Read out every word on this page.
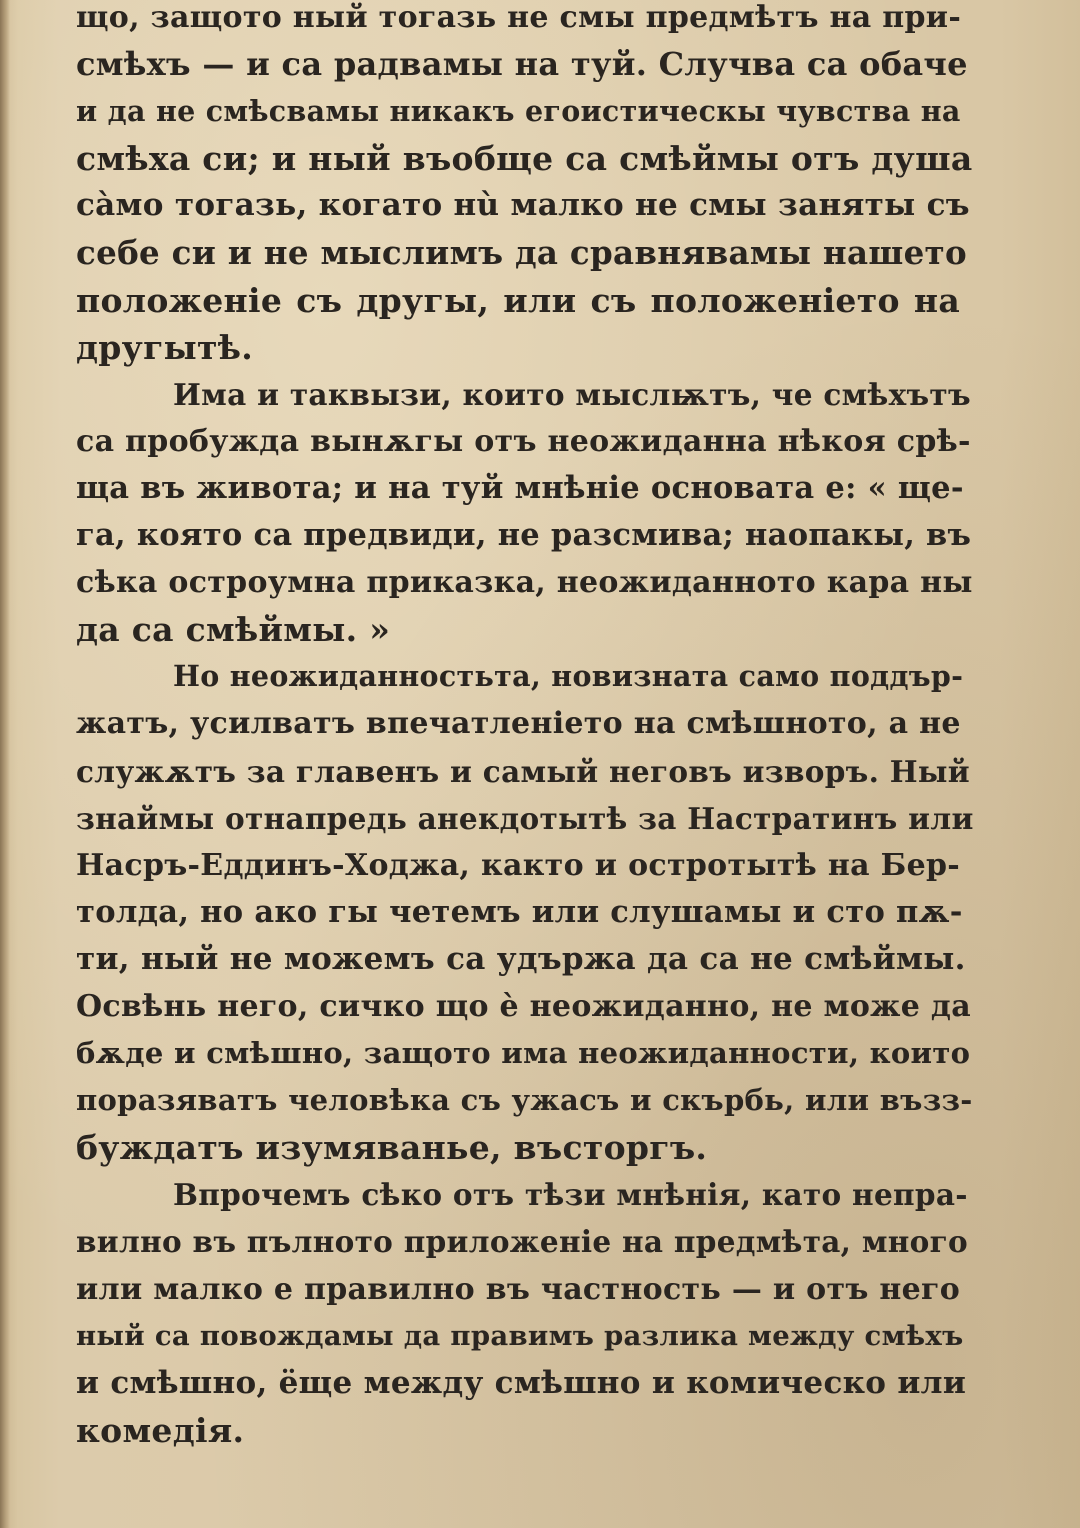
що, защото ный тогазь не смы предмѣтъ на при-
смѣхъ — и са радвамы на туй. Случва са обаче
и да не смѣсвамы никакъ егоистическы чувства на
смѣха си; и ный въобще са смѣймы отъ душа
сàмо тогазь, когато нù малко не смы заняты съ
себе си и не мыслимъ да сравнявамы нашето
положеніе съ другы, или съ положеніето на
другытѣ.
Има и таквызи, които мыслѭтъ, че смѣхътъ
са пробужда вынѫгы отъ неожиданна нѣкоя срѣ-
ща въ живота; и на туй мнѣніе основата е: « ще-
га, която са предвиди, не разсмива; наопакы, въ
сѣка остроумна приказка, неожиданното кара ны
да са смѣймы. »
Но неожиданностьта, новизната само поддър-
жатъ, усилватъ впечатленіето на смѣшното, а не
служѫтъ за главенъ и самый неговъ изворъ. Ный
знаймы отнапредь анекдотытѣ за Настратинъ или
Насръ-Еддинъ-Ходжа, както и остротытѣ на Бер-
толда, но ако гы четемъ или слушамы и сто пѫ-
ти, ный не можемъ са удържа да са не смѣймы.
Освѣнь него, сичко що è неожиданно, не може да
бѫде и смѣшно, защото има неожиданности, които
поразяватъ человѣка съ ужасъ и скърбь, или възз-
буждатъ изумяванье, въсторгъ.
Впрочемъ сѣко отъ тѣзи мнѣнія, като непра-
вилно въ пълното приложеніе на предмѣта, много
или малко е правилно въ частность — и отъ него
ный са повождамы да правимъ разлика между смѣхъ
и смѣшно, ёще между смѣшно и комическо или
комедія.
